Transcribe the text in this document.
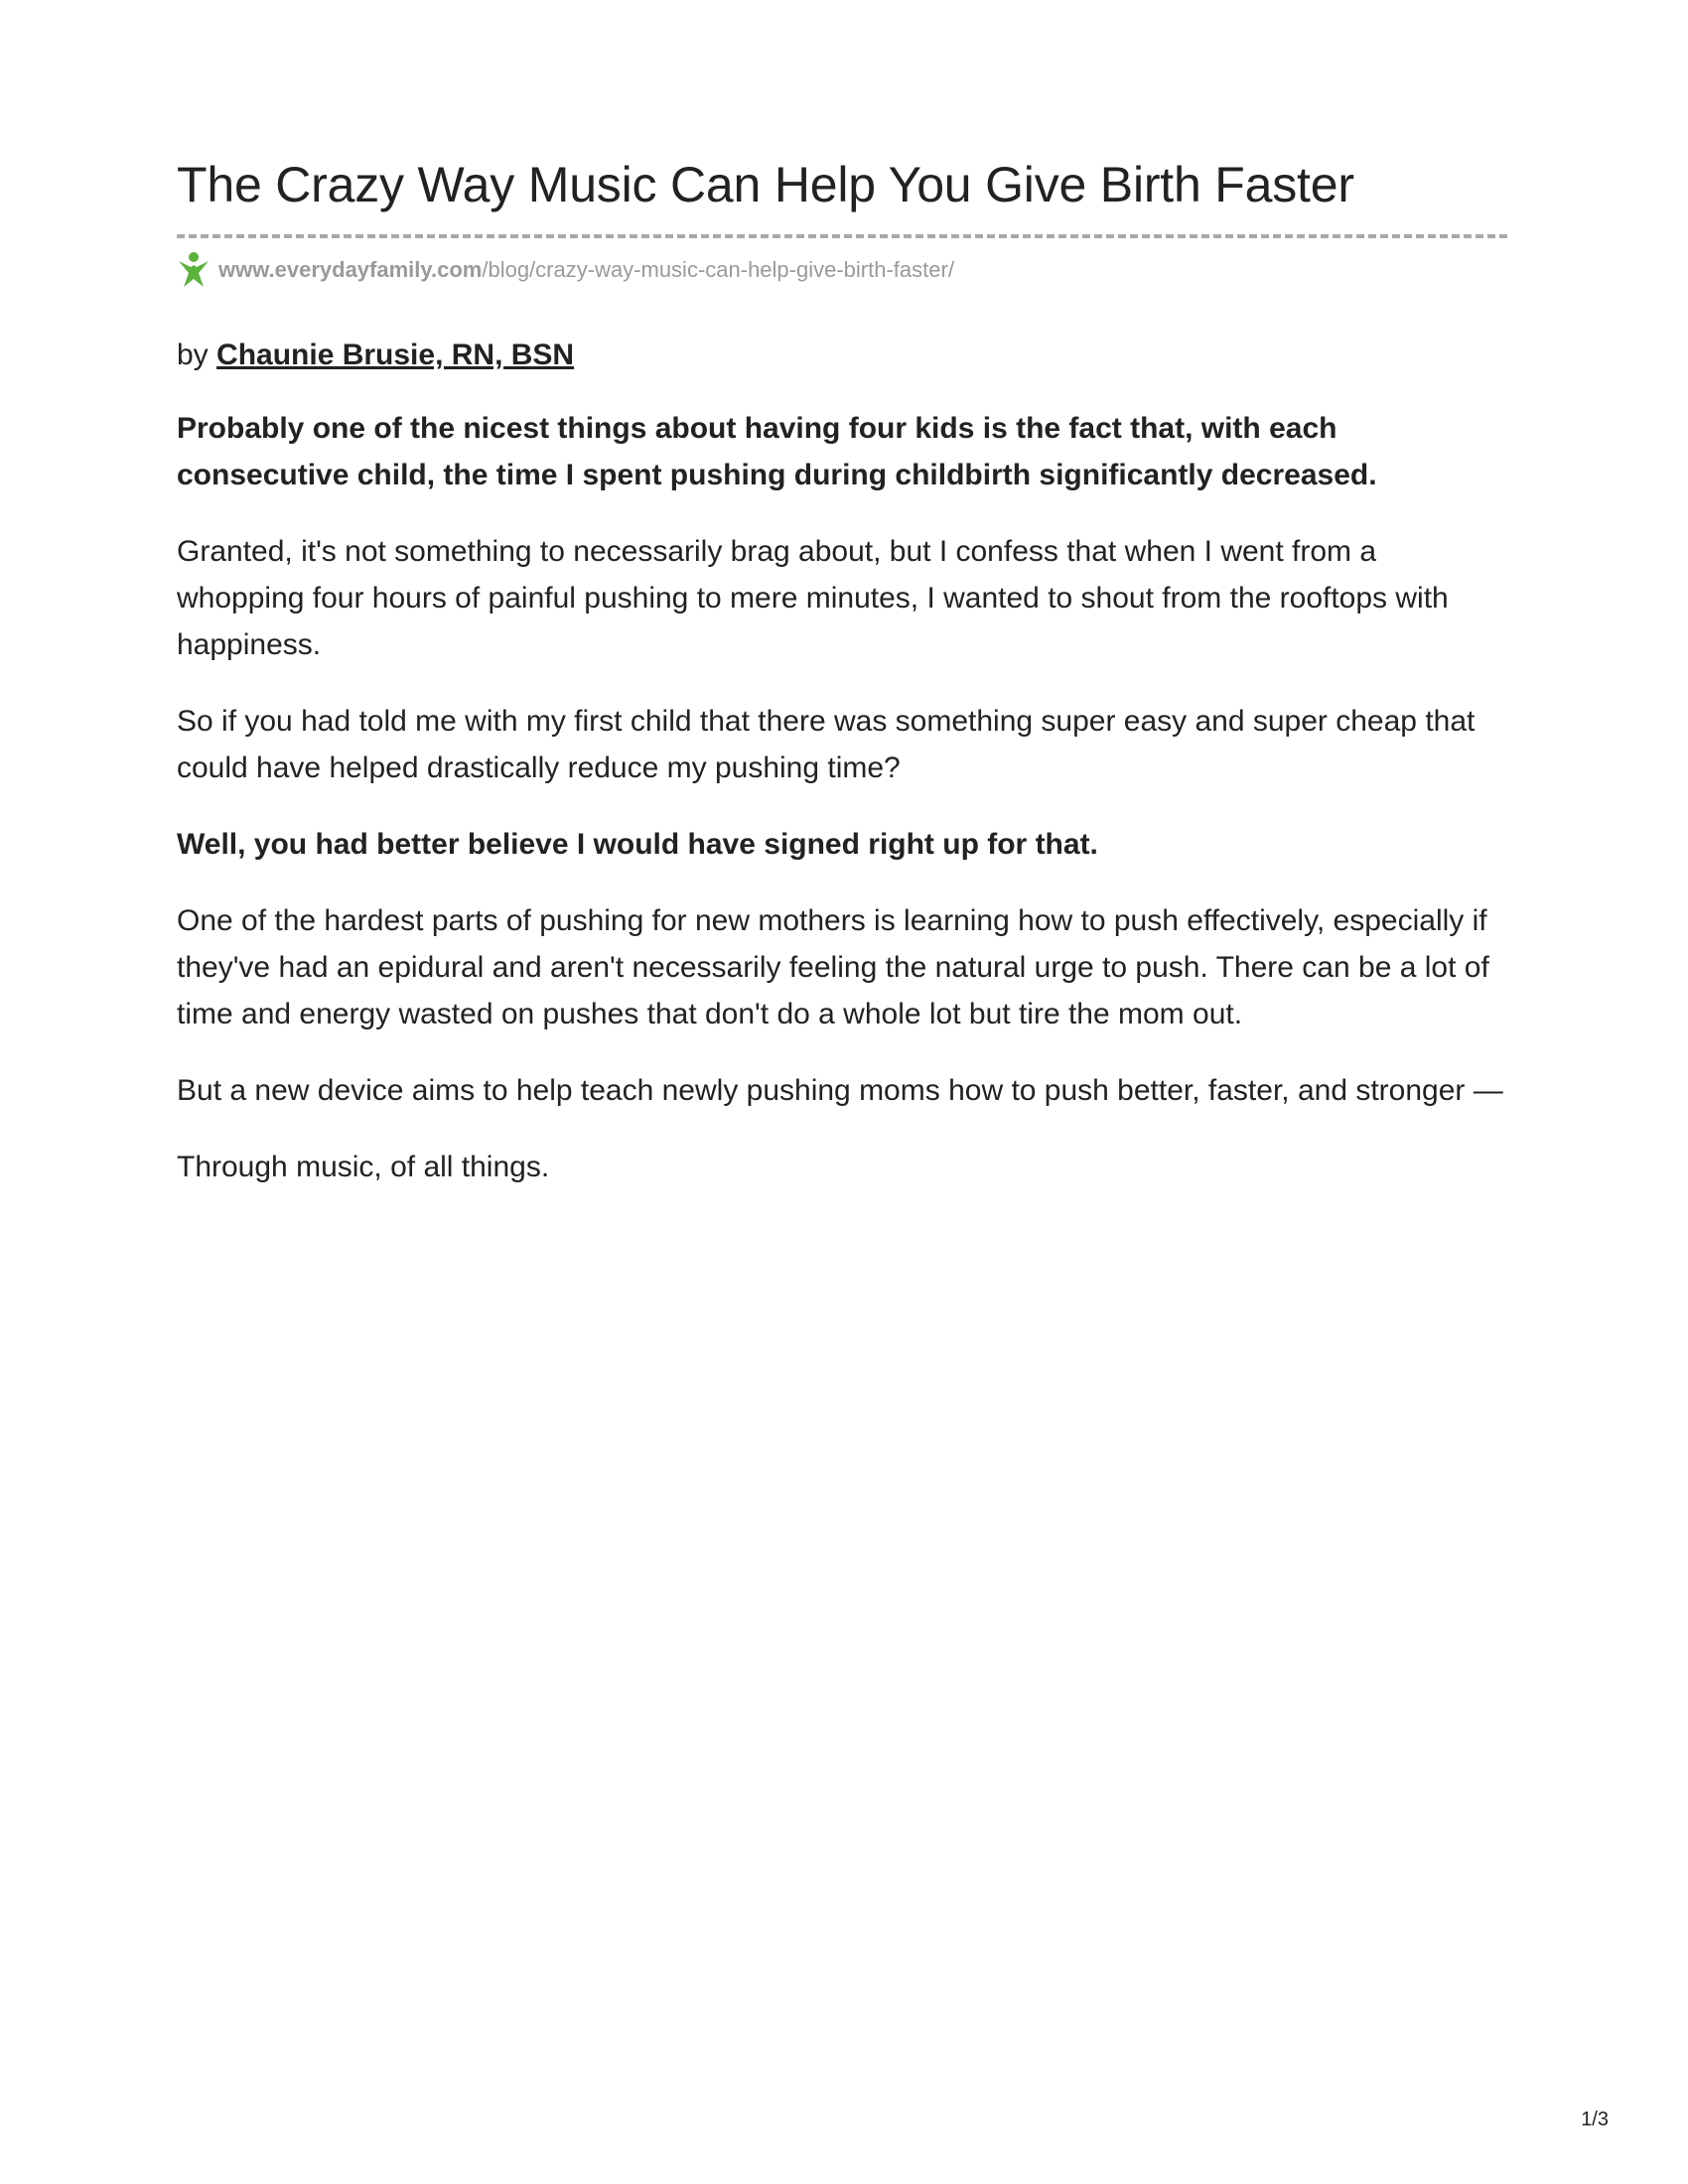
The Crazy Way Music Can Help You Give Birth Faster
www.everydayfamily.com/blog/crazy-way-music-can-help-give-birth-faster/
by Chaunie Brusie, RN, BSN

Probably one of the nicest things about having four kids is the fact that, with each consecutive child, the time I spent pushing during childbirth significantly decreased.

Granted, it's not something to necessarily brag about, but I confess that when I went from a whopping four hours of painful pushing to mere minutes, I wanted to shout from the rooftops with happiness.

So if you had told me with my first child that there was something super easy and super cheap that could have helped drastically reduce my pushing time?

Well, you had better believe I would have signed right up for that.

One of the hardest parts of pushing for new mothers is learning how to push effectively, especially if they've had an epidural and aren't necessarily feeling the natural urge to push. There can be a lot of time and energy wasted on pushes that don't do a whole lot but tire the mom out.

But a new device aims to help teach newly pushing moms how to push better, faster, and stronger —

Through music, of all things.

1/3
